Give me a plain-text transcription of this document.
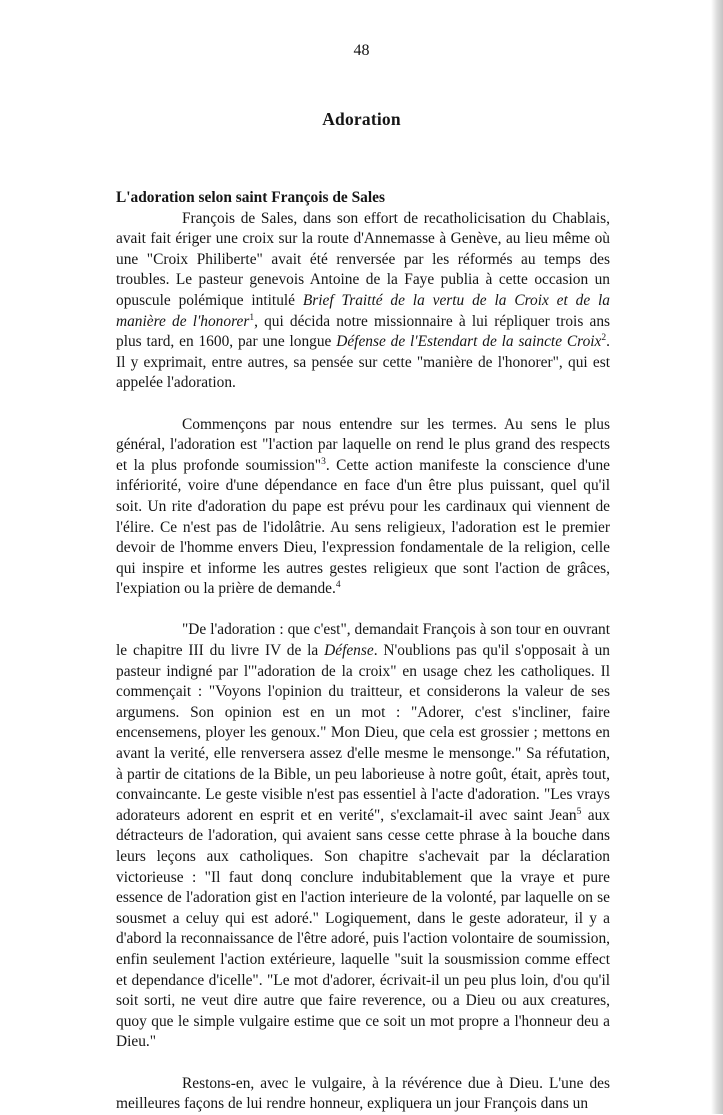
48
Adoration

L'adoration selon saint François de Sales

François de Sales, dans son effort de recatholicisation du Chablais, avait fait ériger une croix sur la route d'Annemasse à Genève, au lieu même où une "Croix Philiberte" avait été renversée par les réformés au temps des troubles. Le pasteur genevois Antoine de la Faye publia à cette occasion un opuscule polémique intitulé Brief Traitté de la vertu de la Croix et de la manière de l'honorer$^1$, qui décida notre missionnaire à lui répliquer trois ans plus tard, en 1600, par une longue Défense de l'Estendart de la saincte Croix$^2$. Il y exprimait, entre autres, sa pensée sur cette "manière de l'honorer", qui est appelée l'adoration.

Commençons par nous entendre sur les termes. Au sens le plus général, l'adoration est "l'action par laquelle on rend le plus grand des respects et la plus profonde soumission"$^3$. Cette action manifeste la conscience d'une infériorité, voire d'une dépendance en face d'un être plus puissant, quel qu'il soit. Un rite d'adoration du pape est prévu pour les cardinaux qui viennent de l'élire. Ce n'est pas de l'idolâtrie. Au sens religieux, l'adoration est le premier devoir de l'homme envers Dieu, l'expression fondamentale de la religion, celle qui inspire et informe les autres gestes religieux que sont l'action de grâces, l'expiation ou la prière de demande.$^4$

"De l'adoration : que c'est", demandait François à son tour en ouvrant le chapitre III du livre IV de la Défense. N'oublions pas qu'il s'opposait à un pasteur indigné par l'"adoration de la croix" en usage chez les catholiques. Il commençait : "Voyons l'opinion du traitteur, et considerons la valeur de ses argumens. Son opinion est en un mot : "Adorer, c'est s'incliner, faire encensemens, ployer les genoux." Mon Dieu, que cela est grossier ; mettons en avant la verité, elle renversera assez d'elle mesme le mensonge." Sa réfutation, à partir de citations de la Bible, un peu laborieuse à notre goût, était, après tout, convaincante. Le geste visible n'est pas essentiel à l'acte d'adoration. "Les vrays adorateurs adorent en esprit et en verité", s'exclamait-il avec saint Jean$^5$ aux détracteurs de l'adoration, qui avaient sans cesse cette phrase à la bouche dans leurs leçons aux catholiques. Son chapitre s'achevait par la déclaration victorieuse : "Il faut donq conclure indubitablement que la vraye et pure essence de l'adoration gist en l'action interieure de la volonté, par laquelle on se sousmet a celuy qui est adoré." Logiquement, dans le geste adorateur, il y a d'abord la reconnaissance de l'être adoré, puis l'action volontaire de soumission, enfin seulement l'action extérieure, laquelle "suit la sousmission comme effect et dependance d'icelle". "Le mot d'adorer, écrivait-il un peu plus loin, d'ou qu'il soit sorti, ne veut dire autre que faire reverence, ou a Dieu ou aux creatures, quoy que le simple vulgaire estime que ce soit un mot propre a l'honneur deu a Dieu."

Restons-en, avec le vulgaire, à la révérence due à Dieu. L'une des meilleures façons de lui rendre honneur, expliquera un jour François dans un
